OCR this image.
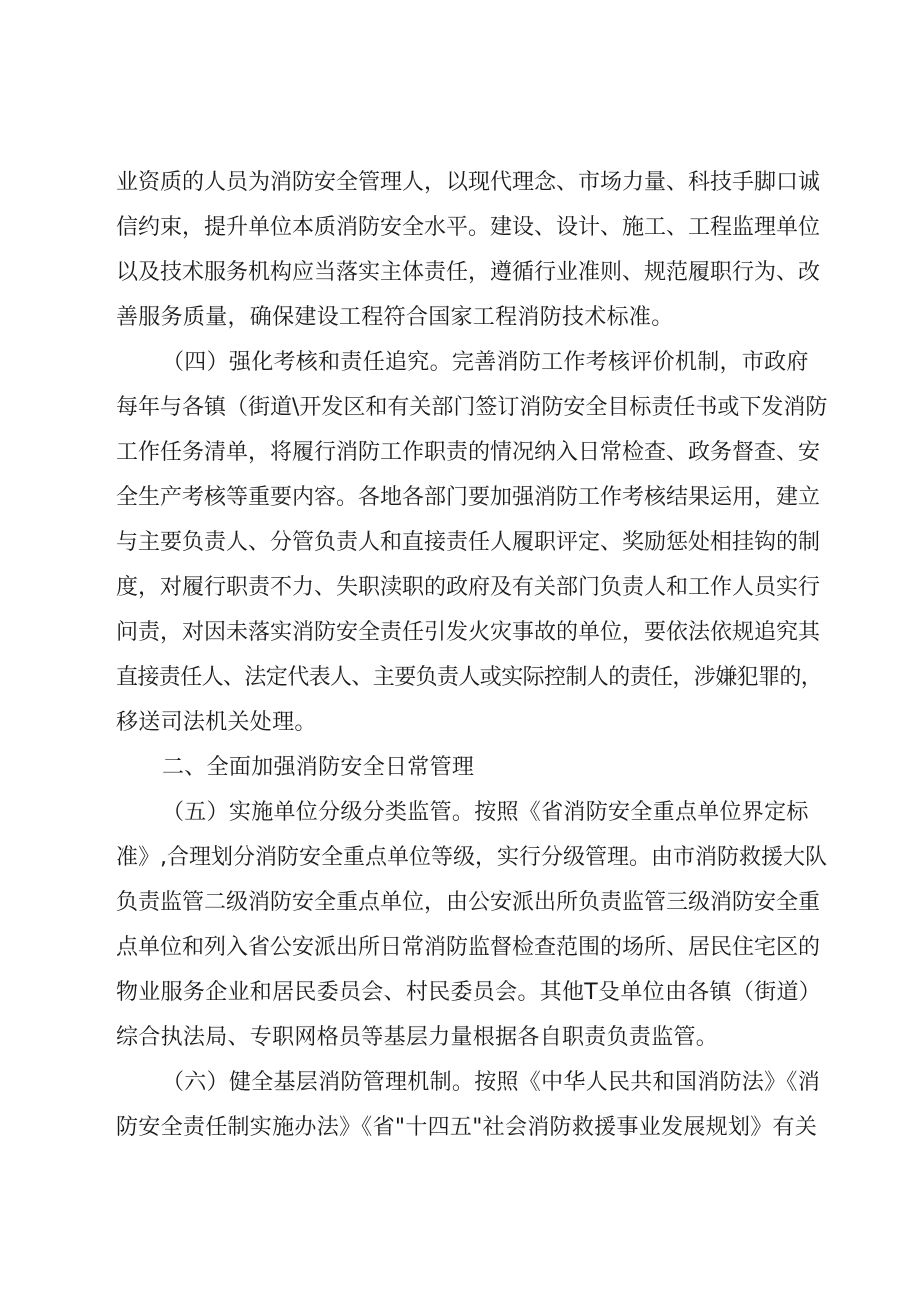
业资质的人员为消防安全管理人，以现代理念、市场力量、科技手脚口诚
信约束，提升单位本质消防安全水平。建设、设计、施工、工程监理单位
以及技术服务机构应当落实主体责任，遵循行业准则、规范履职行为、改
善服务质量，确保建设工程符合国家工程消防技术标准。
（四）强化考核和责任追究。完善消防工作考核评价机制，市政府
每年与各镇（街道\开发区和有关部门签订消防安全目标责任书或下发消防
工作任务清单，将履行消防工作职责的情况纳入日常检查、政务督查、安
全生产考核等重要内容。各地各部门要加强消防工作考核结果运用，建立
与主要负责人、分管负责人和直接责任人履职评定、奖励惩处相挂钩的制
度，对履行职责不力、失职渎职的政府及有关部门负责人和工作人员实行
问责，对因未落实消防安全责任引发火灾事故的单位，要依法依规追究其
直接责任人、法定代表人、主要负责人或实际控制人的责任，涉嫌犯罪的，
移送司法机关处理。
二、全面加强消防安全日常管理
（五）实施单位分级分类监管。按照《省消防安全重点单位界定标
准》,合理划分消防安全重点单位等级，实行分级管理。由市消防救援大队
负责监管二级消防安全重点单位，由公安派出所负责监管三级消防安全重
点单位和列入省公安派出所日常消防监督检查范围的场所、居民住宅区的
物业服务企业和居民委员会、村民委员会。其他T殳单位由各镇（街道）
综合执法局、专职网格员等基层力量根据各自职责负责监管。
（六）健全基层消防管理机制。按照《中华人民共和国消防法》《消
防安全责任制实施办法》《省"十四五"社会消防救援事业发展规划》有关
